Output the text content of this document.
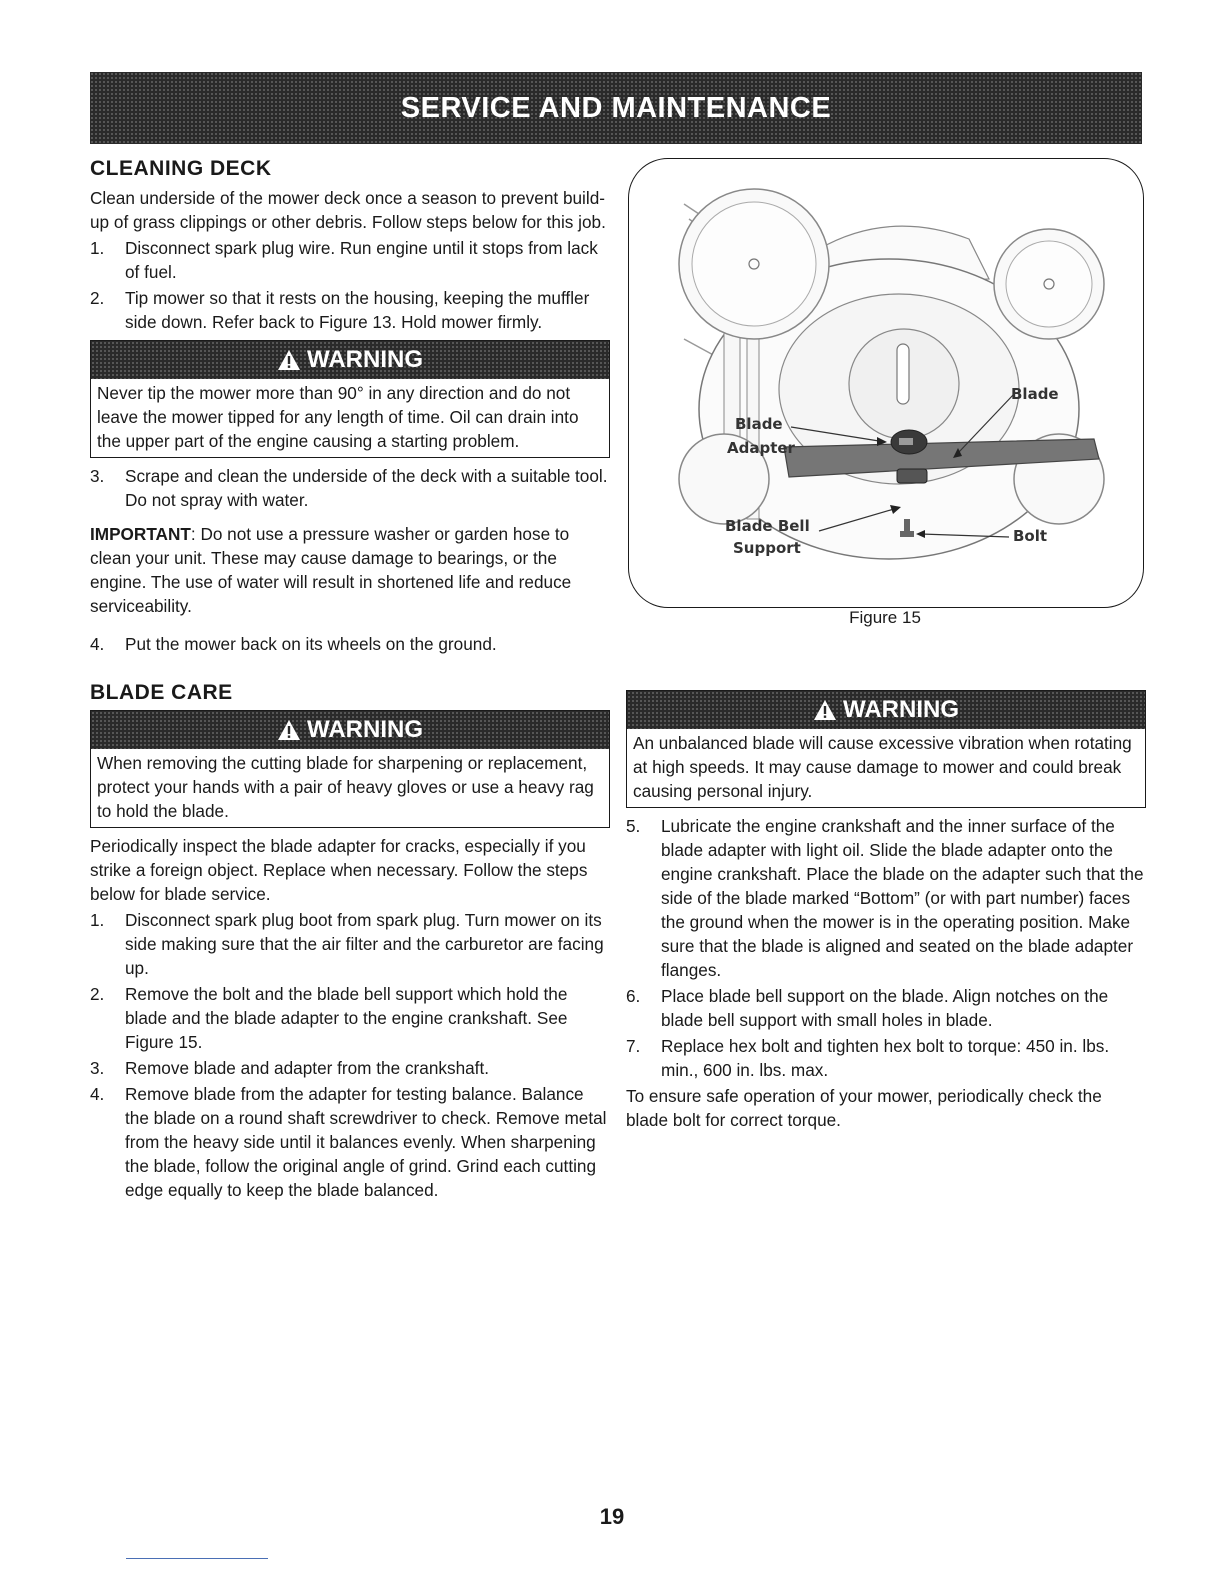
SERVICE AND MAINTENANCE
CLEANING DECK

Clean underside of the mower deck once a season to prevent build-up of grass clippings or other debris. Follow steps below for this job.

1. Disconnect spark plug wire. Run engine until it stops from lack of fuel.
2. Tip mower so that it rests on the housing, keeping the muffler side down. Refer back to Figure 13. Hold mower firmly.
WARNING
Never tip the mower more than 90° in any direction and do not leave the mower tipped for any length of time. Oil can drain into the upper part of the engine causing a starting problem.
3. Scrape and clean the underside of the deck with a suitable tool. Do not spray with water.

IMPORTANT: Do not use a pressure washer or garden hose to clean your unit. These may cause damage to bearings, or the engine. The use of water will result in shortened life and reduce serviceability.

4. Put the mower back on its wheels on the ground.
BLADE CARE
WARNING
When removing the cutting blade for sharpening or replacement, protect your hands with a pair of heavy gloves or use a heavy rag to hold the blade.

Periodically inspect the blade adapter for cracks, especially if you strike a foreign object. Replace when necessary. Follow the steps below for blade service.

1. Disconnect spark plug boot from spark plug. Turn mower on its side making sure that the air filter and the carburetor are facing up.
2. Remove the bolt and the blade bell support which hold the blade and the blade adapter to the engine crankshaft. See Figure 15.
3. Remove blade and adapter from the crankshaft.
4. Remove blade from the adapter for testing balance. Balance the blade on a round shaft screwdriver to check. Remove metal from the heavy side until it balances evenly. When sharpening the blade, follow the original angle of grind. Grind each cutting edge equally to keep the blade balanced.
Blade
Blade
Adapter
Blade Bell
Support
Bolt
Figure 15
WARNING
An unbalanced blade will cause excessive vibration when rotating at high speeds. It may cause damage to mower and could break causing personal injury.
5. Lubricate the engine crankshaft and the inner surface of the blade adapter with light oil. Slide the blade adapter onto the engine crankshaft. Place the blade on the adapter such that the side of the blade marked “Bottom” (or with part number) faces the ground when the mower is in the operating position. Make sure that the blade is aligned and seated on the blade adapter flanges.
6. Place blade bell support on the blade. Align notches on the blade bell support with small holes in blade.
7. Replace hex bolt and tighten hex bolt to torque: 450 in. lbs. min., 600 in. lbs. max.

To ensure safe operation of your mower, periodically check the blade bolt for correct torque.

19
